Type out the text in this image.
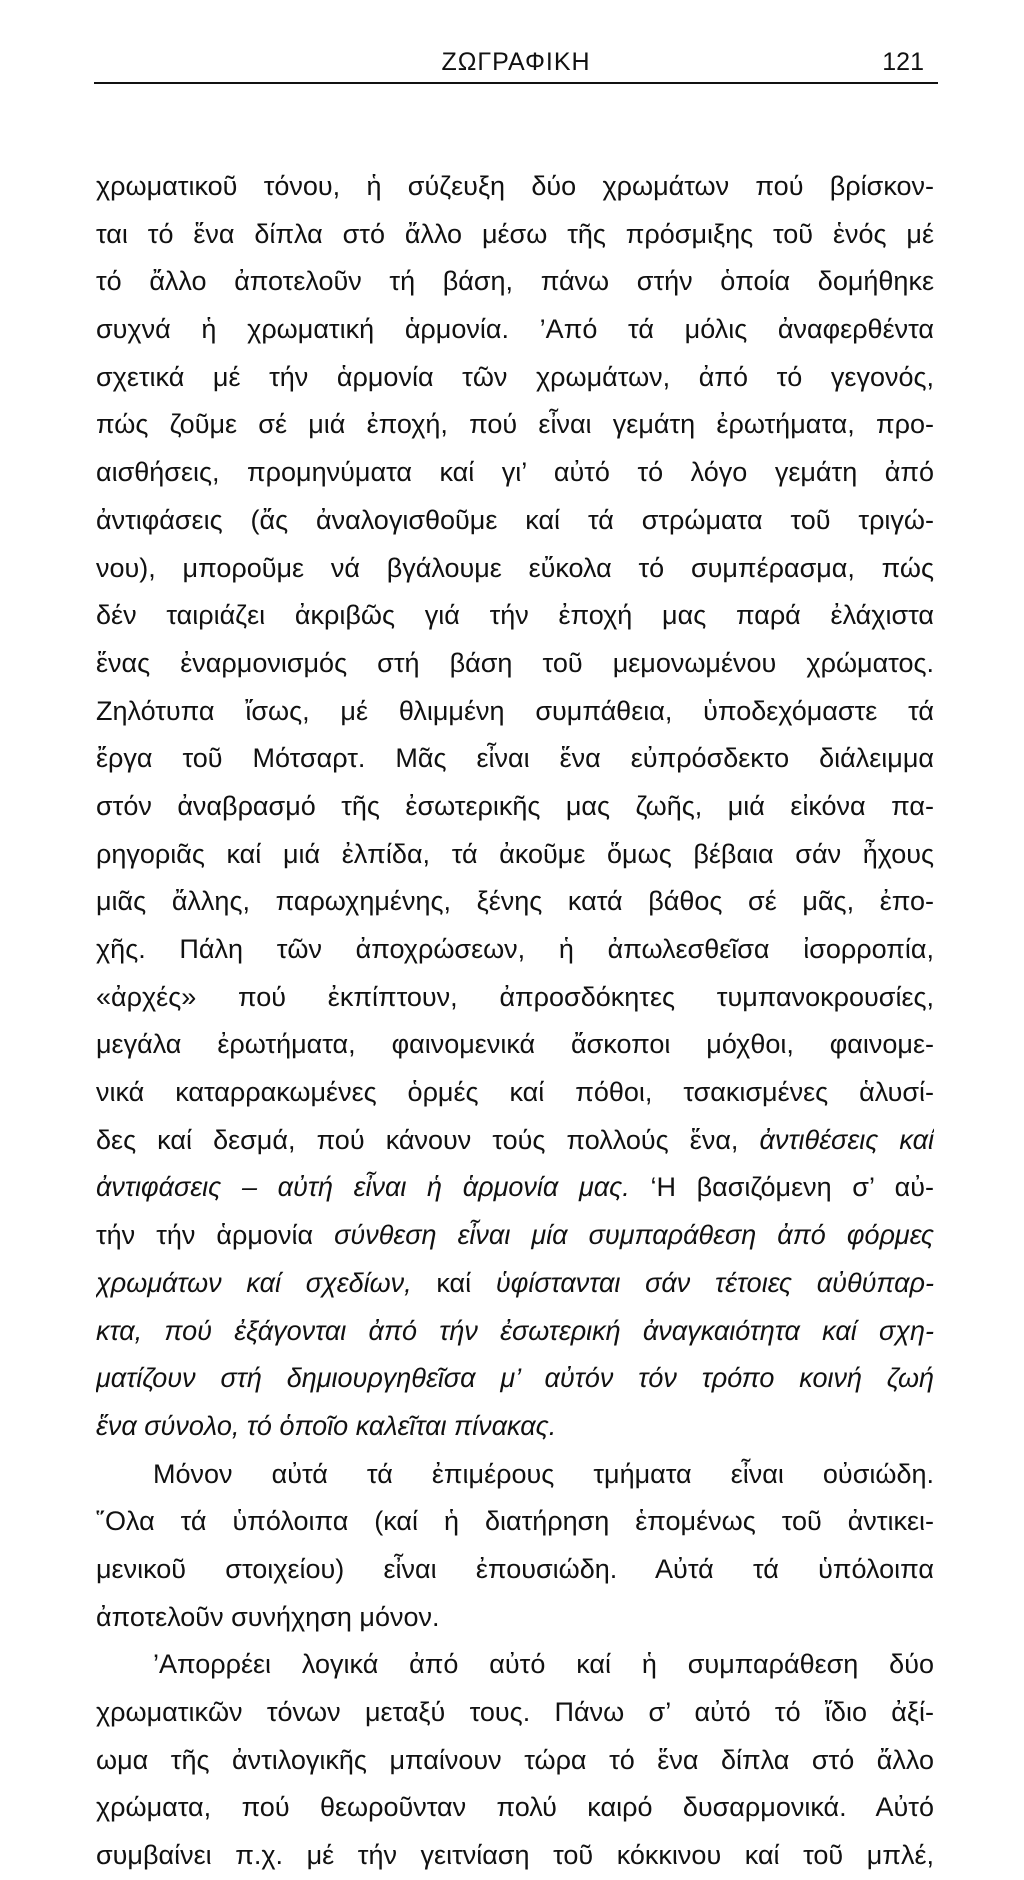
ΖΩΓΡΑΦΙΚΗ	121
χρωματικοῦ τόνου, ἡ σύζευξη δύο χρωμάτων πού βρίσκον-
ται τό ἕνα δίπλα στό ἄλλο μέσω τῆς πρόσμιξης τοῦ ἑνός μέ
τό ἄλλο ἀποτελοῦν τή βάση, πάνω στήν ὁποία δομήθηκε
συχνά ἡ χρωματική ἁρμονία. ’Από τά μόλις ἀναφερθέντα
σχετικά μέ τήν ἁρμονία τῶν χρωμάτων, ἀπό τό γεγονός,
πώς ζοῦμε σέ μιά ἐποχή, πού εἶναι γεμάτη ἐρωτήματα, προ-
αισθήσεις, προμηνύματα καί γι’ αὐτό τό λόγο γεμάτη ἀπό
ἀντιφάσεις (ἄς ἀναλογισθοῦμε καί τά στρώματα τοῦ τριγώ-
νου), μποροῦμε νά βγάλουμε εὔκολα τό συμπέρασμα, πώς
δέν ταιριάζει ἀκριβῶς γιά τήν ἐποχή μας παρά ἐλάχιστα
ἕνας ἐναρμονισμός στή βάση τοῦ μεμονωμένου χρώματος.
Ζηλότυπα ἴσως, μέ θλιμμένη συμπάθεια, ὑποδεχόμαστε τά
ἔργα τοῦ Μότσαρτ. Μᾶς εἶναι ἕνα εὐπρόσδεκτο διάλειμμα
στόν ἀναβρασμό τῆς ἐσωτερικῆς μας ζωῆς, μιά εἰκόνα πα-
ρηγοριᾶς καί μιά ἐλπίδα, τά ἀκοῦμε ὅμως βέβαια σάν ἦχους
μιᾶς ἄλλης, παρωχημένης, ξένης κατά βάθος σέ μᾶς, ἐπο-
χῆς. Πάλη τῶν ἀποχρώσεων, ἡ ἀπωλεσθεῖσα ἰσορροπία,
«ἀρχές» πού ἐκπίπτουν, ἀπροσδόκητες τυμπανοκρουσίες,
μεγάλα ἐρωτήματα, φαινομενικά ἄσκοποι μόχθοι, φαινομε-
νικά καταρρακωμένες ὁρμές καί πόθοι, τσακισμένες ἁλυσί-
δες καί δεσμά, πού κάνουν τούς πολλούς ἕνα, ἀντιθέσεις καί
ἀντιφάσεις – αὐτή εἶναι ἡ ἁρμονία μας. ‘Η βασιζόμενη σ’ αὐ-
τήν τήν ἁρμονία σύνθεση εἶναι μία συμπαράθεση ἀπό φόρμες
χρωμάτων καί σχεδίων, καί ὑφίστανται σάν τέτοιες αὐθύπαρ-
κτα, πού ἐξάγονται ἀπό τήν ἐσωτερική ἀναγκαιότητα καί σχη-
ματίζουν στή δημιουργηθεῖσα μ’ αὐτόν τόν τρόπο κοινή ζωή
ἕνα σύνολο, τό ὁποῖο καλεῖται πίνακας.
Μόνον αὐτά τά ἐπιμέρους τμήματα εἶναι οὐσιώδη.
῞Ολα τά ὑπόλοιπα (καί ἡ διατήρηση ἑπομένως τοῦ ἀντικει-
μενικοῦ στοιχείου) εἶναι ἐπουσιώδη. Αὐτά τά ὑπόλοιπα
ἀποτελοῦν συνήχηση μόνον.
’Απορρέει λογικά ἀπό αὐτό καί ἡ συμπαράθεση δύο
χρωματικῶν τόνων μεταξύ τους. Πάνω σ’ αὐτό τό ἴδιο ἀξί-
ωμα τῆς ἀντιλογικῆς μπαίνουν τώρα τό ἕνα δίπλα στό ἄλλο
χρώματα, πού θεωροῦνταν πολύ καιρό δυσαρμονικά. Αὐτό
συμβαίνει π.χ. μέ τήν γειτνίαση τοῦ κόκκινου καί τοῦ μπλέ,
